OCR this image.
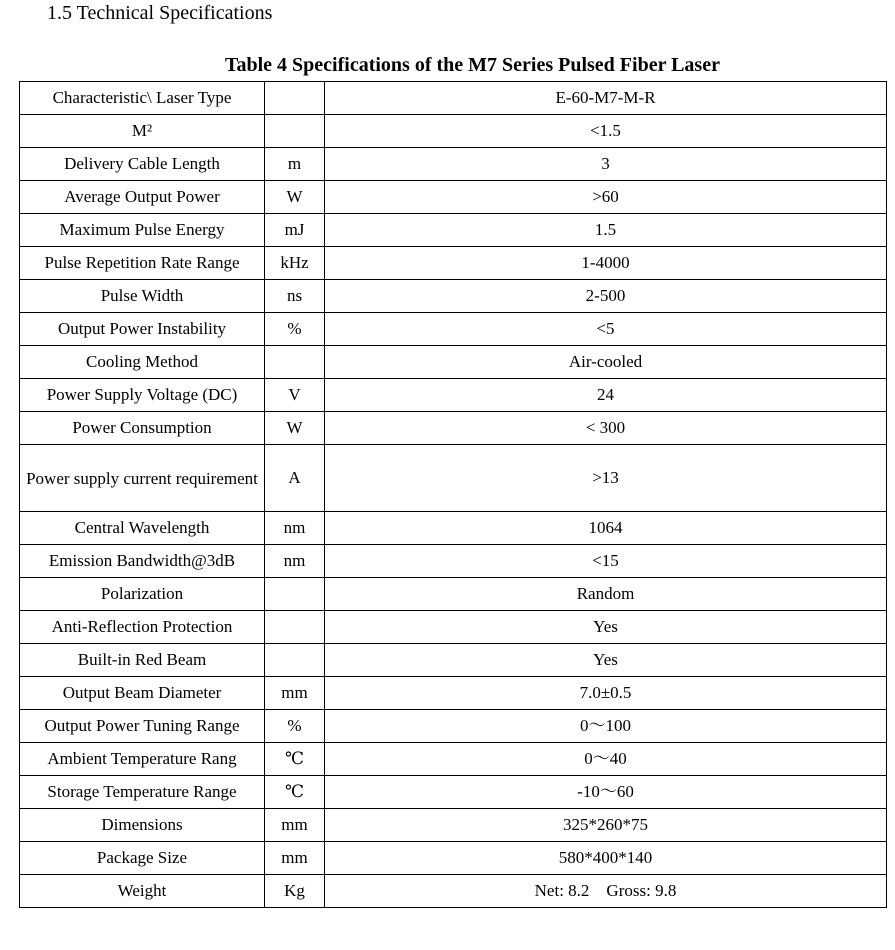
1.5 Technical Specifications
Table 4 Specifications of the M7 Series Pulsed Fiber Laser
Characteristic\ Laser Type		E-60-M7-M-R
M²		<1.5
Delivery Cable Length	m	3
Average Output Power	W	>60
Maximum Pulse Energy	mJ	1.5
Pulse Repetition Rate Range	kHz	1-4000
Pulse Width	ns	2-500
Output Power Instability	%	<5
Cooling Method		Air-cooled
Power Supply Voltage (DC)	V	24
Power Consumption	W	< 300
Power supply current requirement	A	>13
Central Wavelength	nm	1064
Emission Bandwidth@3dB	nm	<15
Polarization		Random
Anti-Reflection Protection		Yes
Built-in Red Beam		Yes
Output Beam Diameter	mm	7.0±0.5
Output Power Tuning Range	%	0～100
Ambient Temperature Rang	℃	0～40
Storage Temperature Range	℃	-10～60
Dimensions	mm	325*260*75
Package Size	mm	580*400*140
Weight	Kg	Net: 8.2    Gross: 9.8
